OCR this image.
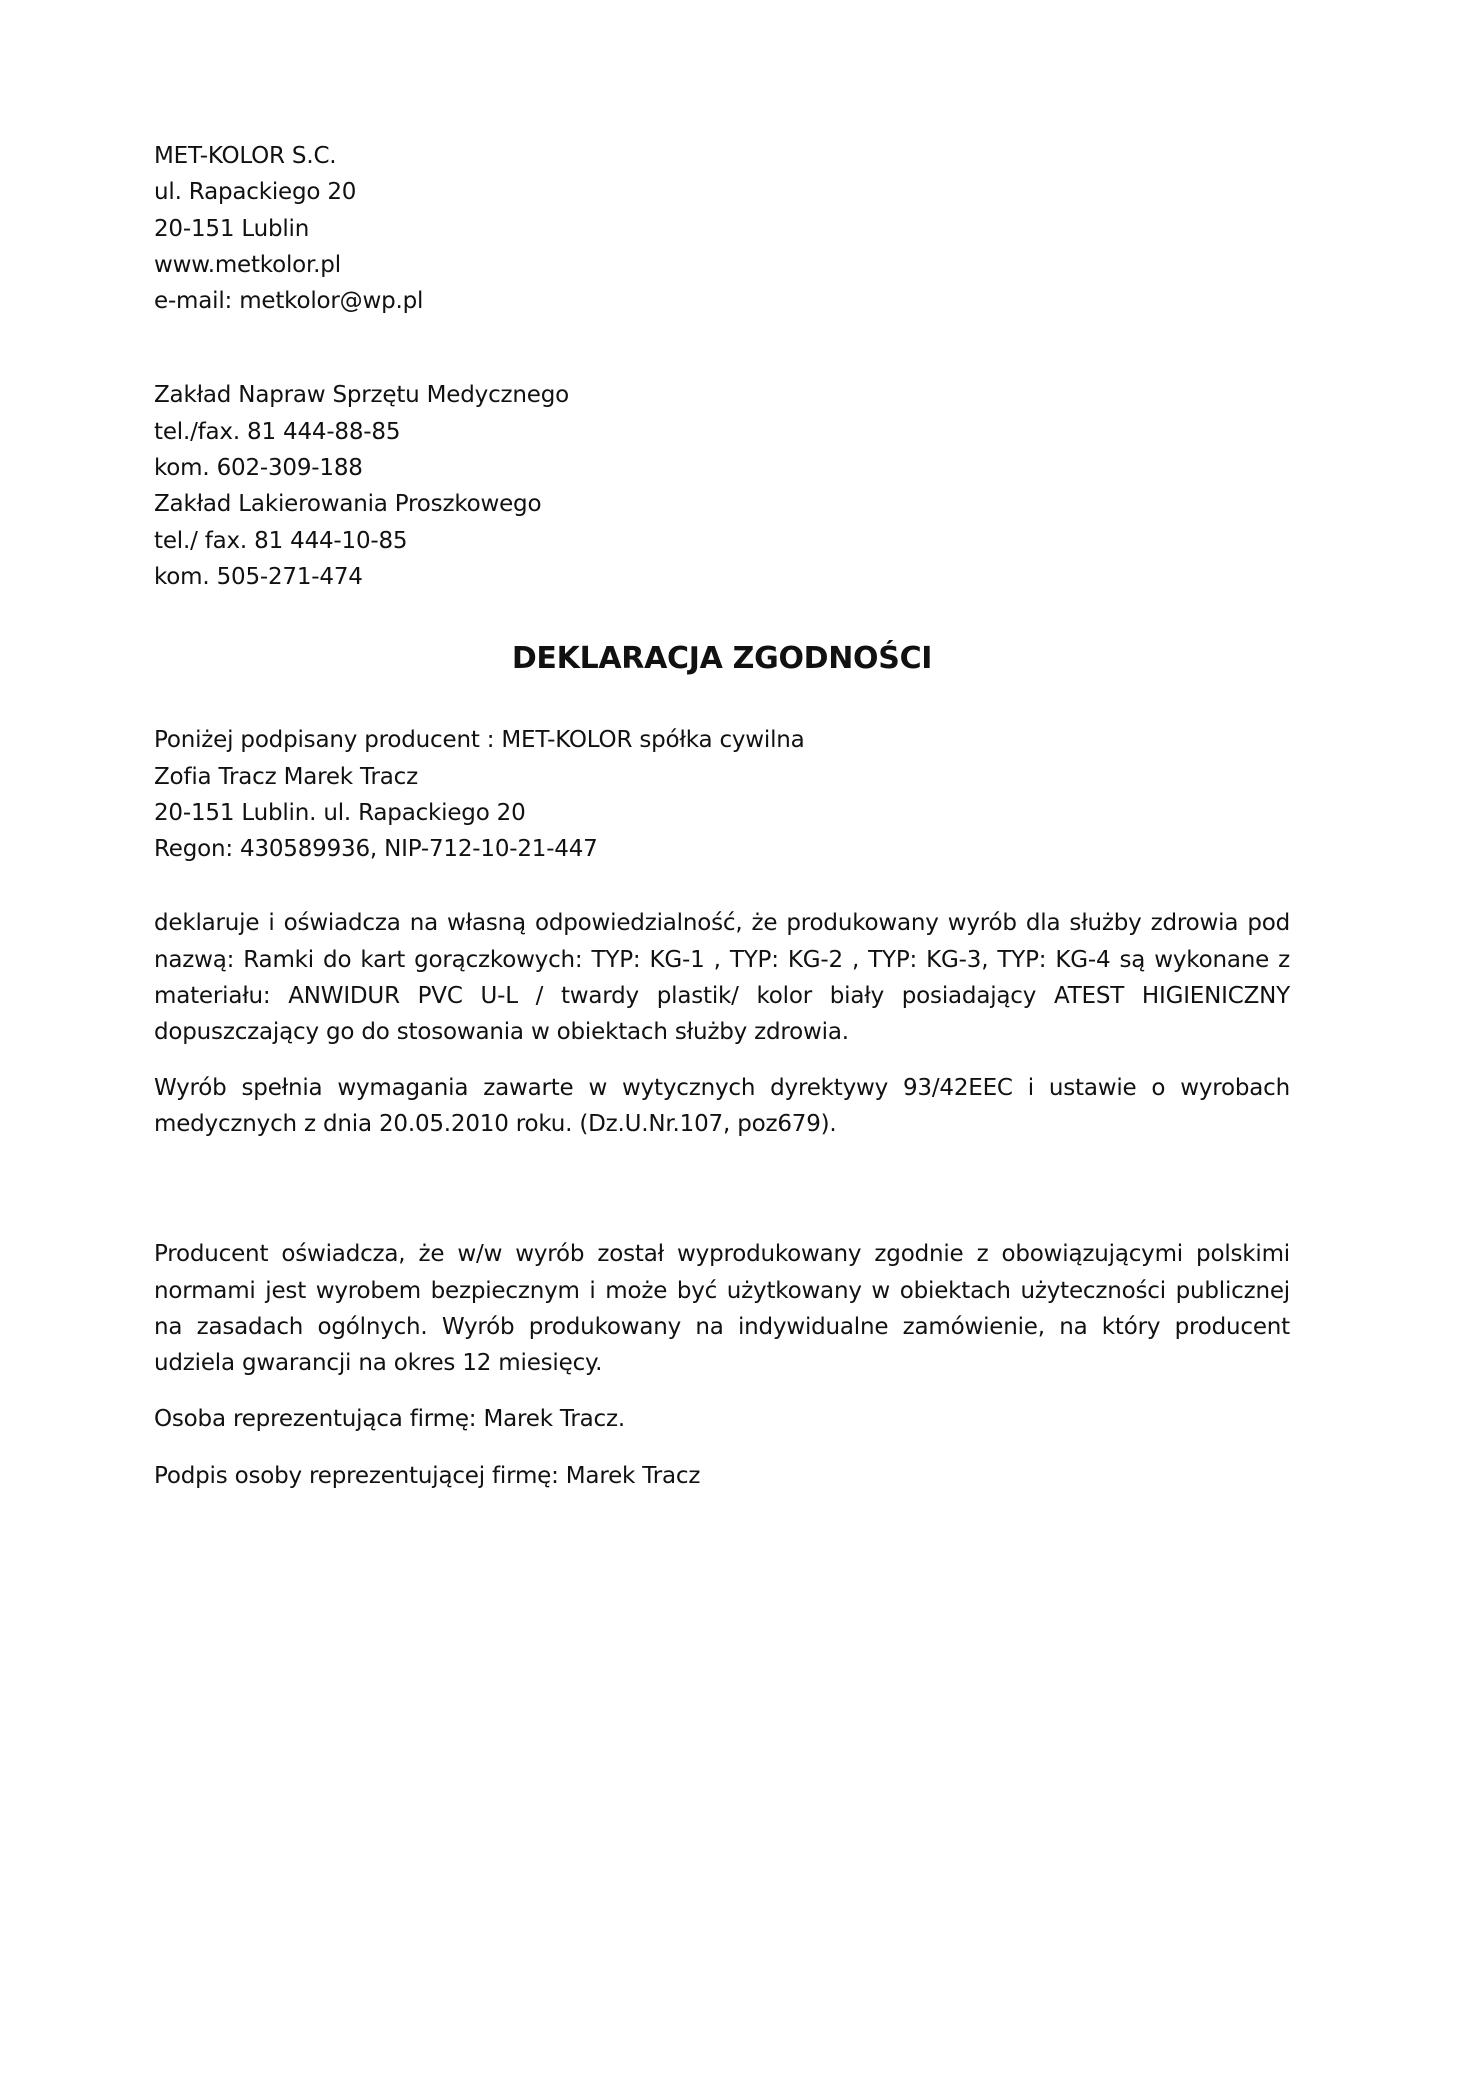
MET-KOLOR S.C.
ul. Rapackiego 20
20-151 Lublin
www.metkolor.pl
e-mail: metkolor@wp.pl
Zakład Napraw Sprzętu Medycznego
tel./fax. 81 444-88-85
kom. 602-309-188
Zakład Lakierowania Proszkowego
tel./ fax. 81 444-10-85
kom. 505-271-474
DEKLARACJA ZGODNOŚCI
Poniżej podpisany producent : MET-KOLOR spółka cywilna
Zofia Tracz Marek Tracz
20-151 Lublin. ul. Rapackiego 20
Regon: 430589936, NIP-712-10-21-447

deklaruje i oświadcza na własną odpowiedzialność, że produkowany wyrób dla służby zdrowia pod nazwą: Ramki do kart gorączkowych: TYP: KG-1 , TYP: KG-2 , TYP: KG-3, TYP: KG-4 są wykonane z materiału: ANWIDUR PVC U-L / twardy plastik/ kolor biały posiadający ATEST HIGIENICZNY dopuszczający go do stosowania w obiektach służby zdrowia.

Wyrób spełnia wymagania zawarte w wytycznych dyrektywy 93/42EEC i ustawie o wyrobach medycznych z dnia 20.05.2010 roku. (Dz.U.Nr.107, poz679).

Producent oświadcza, że w/w wyrób został wyprodukowany zgodnie z obowiązującymi polskimi normami jest wyrobem bezpiecznym i może być użytkowany w obiektach użyteczności publicznej na zasadach ogólnych. Wyrób produkowany na indywidualne zamówienie, na który producent udziela gwarancji na okres 12 miesięcy.

Osoba reprezentująca firmę: Marek Tracz.

Podpis osoby reprezentującej firmę: Marek Tracz
